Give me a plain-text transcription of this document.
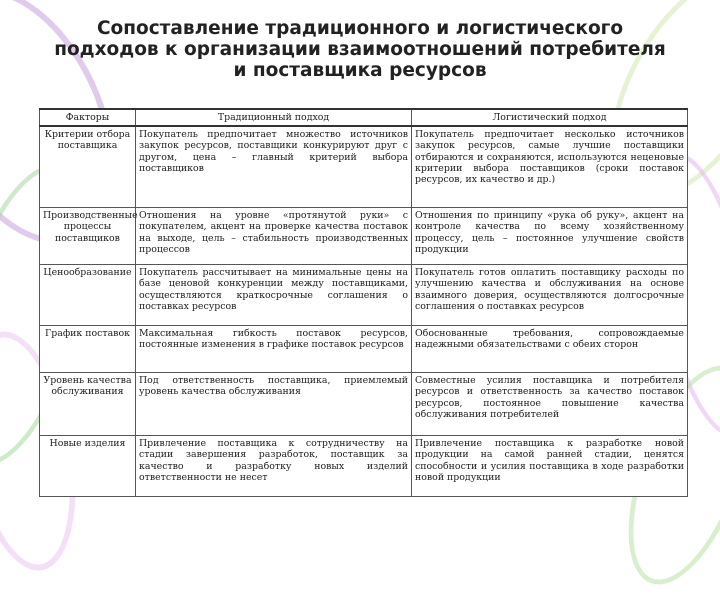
Сопоставление традиционного и логистического
подходов к организации взаимоотношений потребителя
и поставщика ресурсов
Факторы	Традиционный подход	Логистический подход
Критерии отбора поставщика	Покупатель предпочитает множество источников закупок ресурсов, поставщики конкурируют друг с другом, цена – главный критерий выбора поставщиков	Покупатель предпочитает несколько источников закупок ресурсов, самые лучшие поставщики отбираются и сохраняются, используются неценовые критерии выбора поставщиков (сроки поставок ресурсов, их качество и др.)
Производственные процессы поставщиков	Отношения на уровне «протянутой руки» с покупателем, акцент на проверке качества поставок на выходе, цель – стабильность производственных процессов	Отношения по принципу «рука об руку», акцент на контроле качества по всему хозяйственному процессу, цель – постоянное улучшение свойств продукции
Ценообразование	Покупатель рассчитывает на минимальные цены на базе ценовой конкуренции между поставщиками, осуществляются краткосрочные соглашения о поставках ресурсов	Покупатель готов оплатить поставщику расходы по улучшению качества и обслуживания на основе взаимного доверия, осуществляются долгосрочные соглашения о поставках ресурсов
График поставок	Максимальная гибкость поставок ресурсов, постоянные изменения в графике поставок ресурсов	Обоснованные требования, сопровождаемые надежными обязательствами с обеих сторон
Уровень качества обслуживания	Под ответственность поставщика, приемлемый уровень качества обслуживания	Совместные усилия поставщика и потребителя ресурсов и ответственность за качество поставок ресурсов, постоянное повышение качества обслуживания потребителей
Новые изделия	Привлечение поставщика к сотрудничеству на стадии завершения разработок, поставщик за качество и разработку новых изделий ответственности не несет	Привлечение поставщика к разработке новой продукции на самой ранней стадии, ценятся способности и усилия поставщика в ходе разработки новой продукции
